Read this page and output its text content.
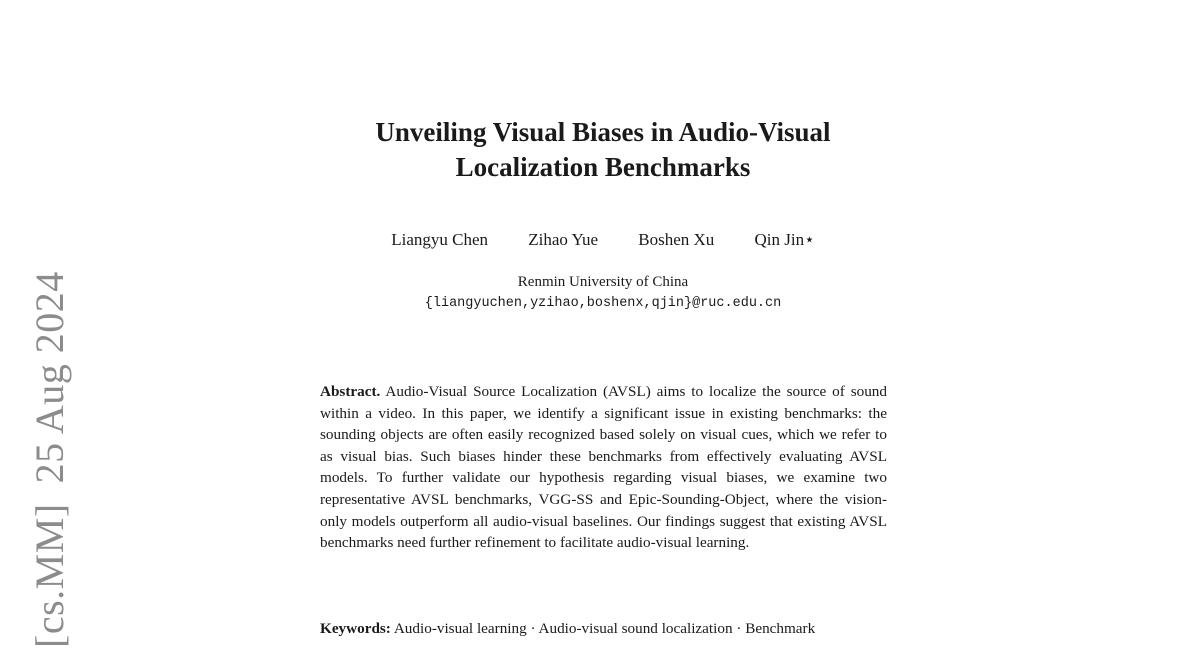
[cs.MM]25 Aug 2024
Unveiling Visual Biases in Audio-Visual
Localization Benchmarks
Liangyu Chen Zihao Yue Boshen Xu Qin Jin⋆
Renmin University of China
{liangyuchen,yzihao,boshenx,qjin}@ruc.edu.cn

Abstract. Audio-Visual Source Localization (AVSL) aims to localize the source of sound within a video. In this paper, we identify a significant issue in existing benchmarks: the sounding objects are often easily recognized based solely on visual cues, which we refer to as visual bias. Such biases hinder these benchmarks from effectively evaluating AVSL models. To further validate our hypothesis regarding visual biases, we examine two representative AVSL benchmarks, VGG-SS and Epic-Sounding-Object, where the vision-only models outperform all audio-visual baselines. Our findings suggest that existing AVSL benchmarks need further refinement to facilitate audio-visual learning.

Keywords: Audio-visual learning · Audio-visual sound localization · Benchmark
